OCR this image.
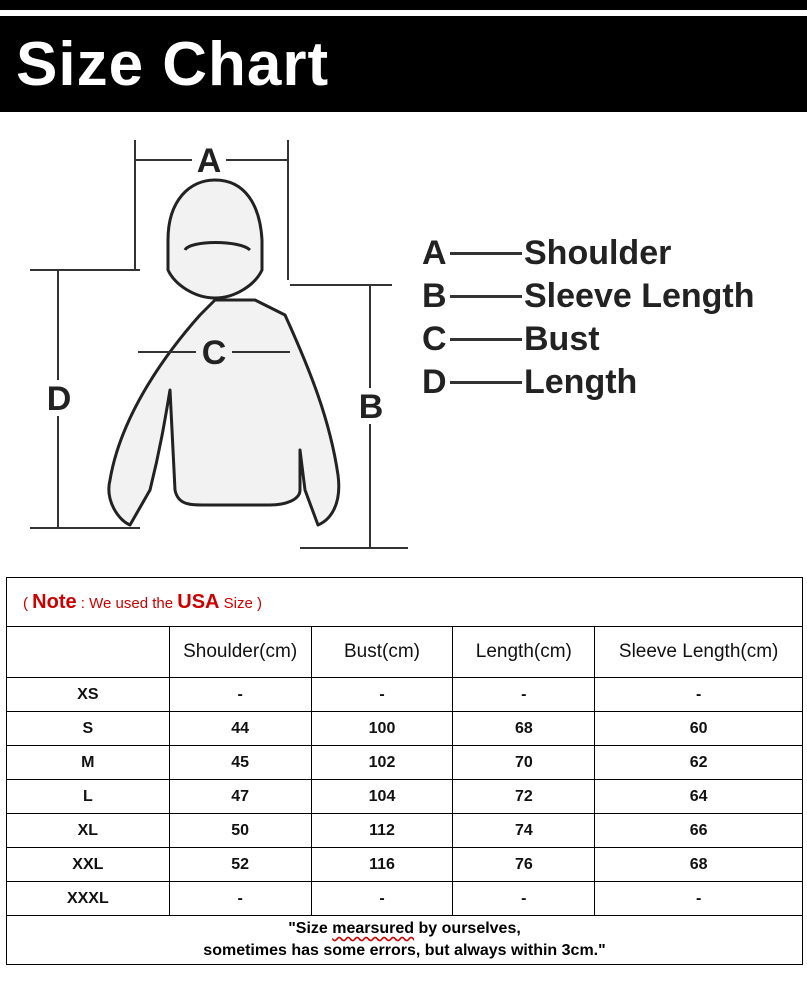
Size Chart
A
C
D	B
A Shoulder
B Sleeve Length
C Bust
D Length
( Note : We used the USA Size )				
	Shoulder(cm)	Bust(cm)	Length(cm)	Sleeve Length(cm)
XS	-	-	-	-
S	44	100	68	60
M	45	102	70	62
L	47	104	72	64
XL	50	112	74	66
XXL	52	116	76	68
XXXL	-	-	-	-
"Size mearsured by ourselves,
sometimes has some errors, but always within 3cm."				
